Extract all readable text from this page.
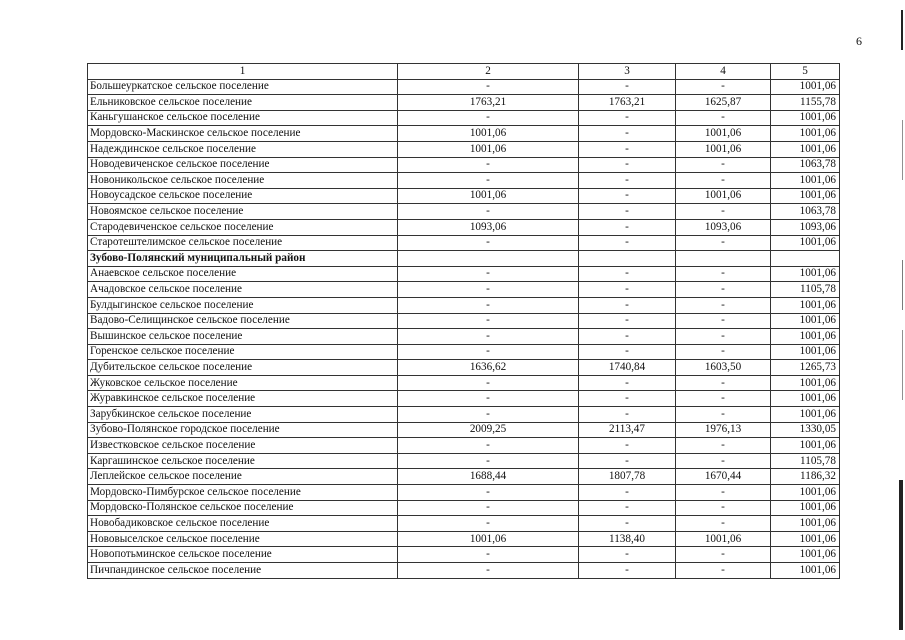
6
1	2	3	4	5
Большеуркатское сельское поселение	-	-	-	1001,06
Ельниковское сельское поселение	1763,21	1763,21	1625,87	1155,78
Каньгушанское сельское поселение	-	-	-	1001,06
Мордовско-Маскинское сельское поселение	1001,06	-	1001,06	1001,06
Надеждинское сельское поселение	1001,06	-	1001,06	1001,06
Новодевиченское сельское поселение	-	-	-	1063,78
Новоникольское сельское поселение	-	-	-	1001,06
Новоусадское сельское поселение	1001,06	-	1001,06	1001,06
Новоямское сельское поселение	-	-	-	1063,78
Стародевиченское сельское поселение	1093,06	-	1093,06	1093,06
Старотештелимское сельское поселение	-	-	-	1001,06
Зубово-Полянский муниципальный район				
Анаевское сельское поселение	-	-	-	1001,06
Ачадовское сельское поселение	-	-	-	1105,78
Булдыгинское сельское поселение	-	-	-	1001,06
Вадово-Селищинское сельское поселение	-	-	-	1001,06
Вышинское сельское поселение	-	-	-	1001,06
Горенское сельское поселение	-	-	-	1001,06
Дубительское сельское поселение	1636,62	1740,84	1603,50	1265,73
Жуковское сельское поселение	-	-	-	1001,06
Журавкинское сельское поселение	-	-	-	1001,06
Зарубкинское сельское поселение	-	-	-	1001,06
Зубово-Полянское городское поселение	2009,25	2113,47	1976,13	1330,05
Известковское сельское поселение	-	-	-	1001,06
Каргашинское сельское поселение	-	-	-	1105,78
Леплейское сельское поселение	1688,44	1807,78	1670,44	1186,32
Мордовско-Пимбурское сельское поселение	-	-	-	1001,06
Мордовско-Полянское сельское поселение	-	-	-	1001,06
Новобадиковское сельское поселение	-	-	-	1001,06
Нововыселское сельское поселение	1001,06	1138,40	1001,06	1001,06
Новопотьминское сельское поселение	-	-	-	1001,06
Пичпандинское сельское поселение	-	-	-	1001,06
